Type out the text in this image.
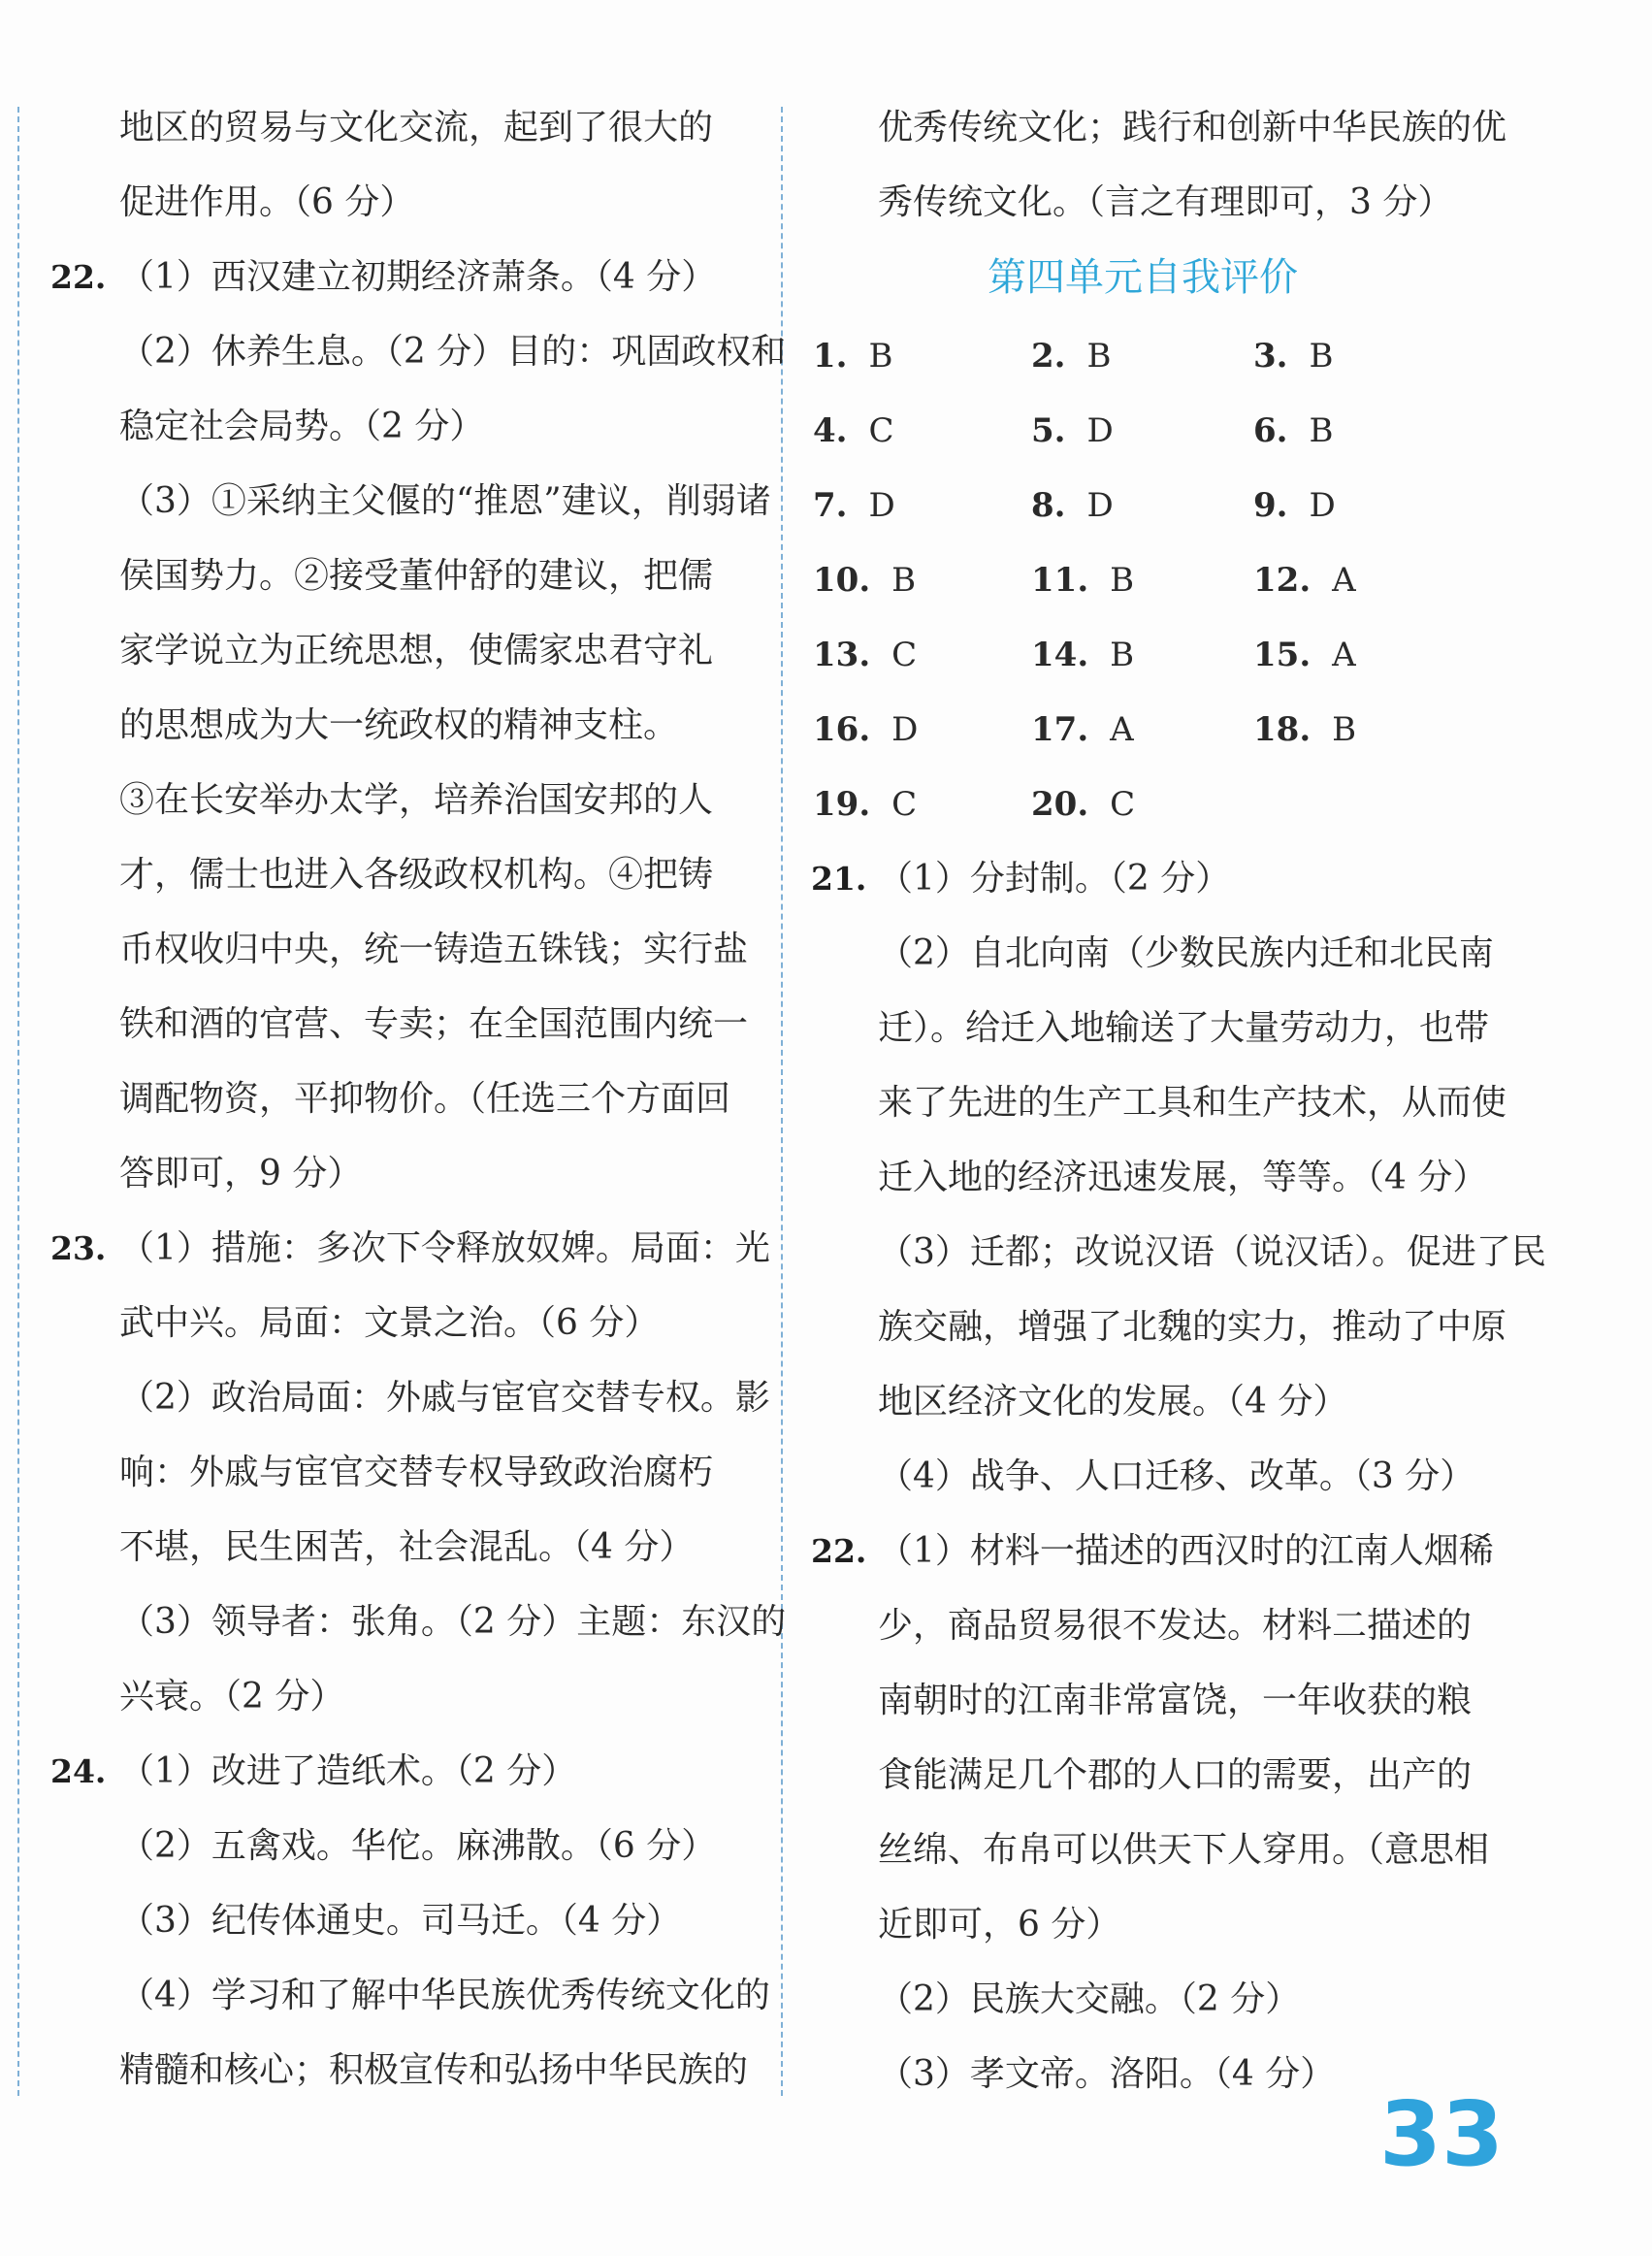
地区的贸易与文化交流，起到了很大的
促进作用。（6 分）
22. （1）西汉建立初期经济萧条。（4 分）
（2）休养生息。（2 分）目的：巩固政权和
稳定社会局势。（2 分）
（3）①采纳主父偃的“推恩”建议，削弱诸
侯国势力。②接受董仲舒的建议，把儒
家学说立为正统思想，使儒家忠君守礼
的思想成为大一统政权的精神支柱。
③在长安举办太学，培养治国安邦的人
才，儒士也进入各级政权机构。④把铸
币权收归中央，统一铸造五铢钱；实行盐
铁和酒的官营、专卖；在全国范围内统一
调配物资，平抑物价。（任选三个方面回
答即可，9 分）
23. （1）措施：多次下令释放奴婢。局面：光
武中兴。局面：文景之治。（6 分）
（2）政治局面：外戚与宦官交替专权。影
响：外戚与宦官交替专权导致政治腐朽
不堪，民生困苦，社会混乱。（4 分）
（3）领导者：张角。（2 分）主题：东汉的
兴衰。（2 分）
24. （1）改进了造纸术。（2 分）
（2）五禽戏。华佗。麻沸散。（6 分）
（3）纪传体通史。司马迁。（4 分）
（4）学习和了解中华民族优秀传统文化的
精髓和核心；积极宣传和弘扬中华民族的
优秀传统文化；践行和创新中华民族的优
秀传统文化。（言之有理即可，3 分）
第四单元自我评价
1. B	2. B	3. B
4. C	5. D	6. B
7. D	8. D	9. D
10. B	11. B	12. A
13. C	14. B	15. A
16. D	17. A	18. B
19. C	20. C
21. （1）分封制。（2 分）
（2）自北向南（少数民族内迁和北民南
迁）。给迁入地输送了大量劳动力，也带
来了先进的生产工具和生产技术，从而使
迁入地的经济迅速发展，等等。（4 分）
（3）迁都；改说汉语（说汉话）。促进了民
族交融，增强了北魏的实力，推动了中原
地区经济文化的发展。（4 分）
（4）战争、人口迁移、改革。（3 分）
22. （1）材料一描述的西汉时的江南人烟稀
少，商品贸易很不发达。材料二描述的
南朝时的江南非常富饶，一年收获的粮
食能满足几个郡的人口的需要，出产的
丝绵、布帛可以供天下人穿用。（意思相
近即可，6 分）
（2）民族大交融。（2 分）
（3）孝文帝。洛阳。（4 分）
33
